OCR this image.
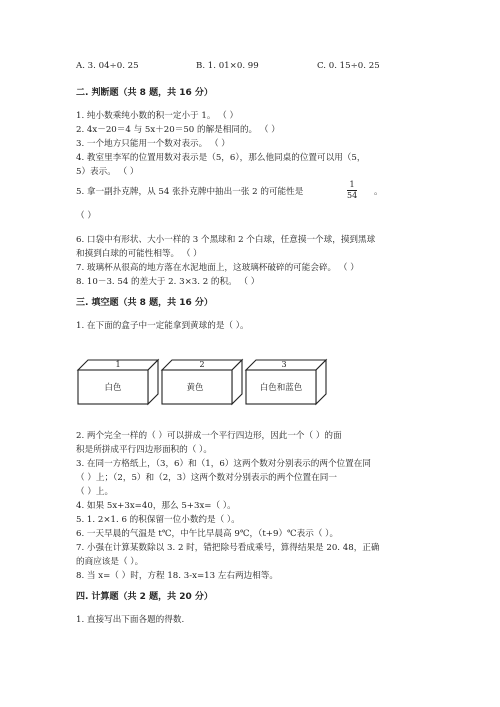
A. 3. 04÷0. 25	B. 1. 01×0. 99	C. 0. 15÷0. 25
二. 判断题（共 8 题，共 16 分）
1. 纯小数乘纯小数的积一定小于 1。 （ ）
2. 4x－20＝4 与 5x＋20＝50 的解是相同的。 （ ）
3. 一个地方只能用一个数对表示。 （ ）
4. 教室里李军的位置用数对表示是（5，6），那么他同桌的位置可以用（5，
5）表示。 （ ）
5. 拿一副扑克牌，从 54 张扑克牌中抽出一张 2 的可能性是	$\frac{1}{54}$ 。
（ ）
6. 口袋中有形状、大小一样的 3 个黑球和 2 个白球，任意摸一个球，摸到黑球
和摸到白球的可能性相等。 （ ）
7. 玻璃杯从很高的地方落在水泥地面上，这玻璃杯破碎的可能会碎。 （ ）
8. 10－3. 54 的差大于 2. 3×3. 2 的积。 （ ）
三. 填空题（共 8 题，共 16 分）
1. 在下面的盒子中一定能拿到黄球的是（ ）。
1
白色
2
黄色
3
白色和蓝色
2. 两个完全一样的（ ）可以拼成一个平行四边形，因此一个（ ）的面
积是所拼成平行四边形面积的（ ）。
3. 在同一方格纸上，（3，6）和（1，6）这两个数对分别表示的两个位置在同
（ ）上；（2，5）和（2，3）这两个数对分别表示的两个位置在同一
（ ）上。
4. 如果 5x+3x=40，那么 5+3x=（ ）。
5. 1. 2×1. 6 的积保留一位小数约是（ ）。
6. 一天早晨的气温是 t℃，中午比早晨高 9℃，（t+9）℃表示（ ）。
7. 小强在计算某数除以 3. 2 时，错把除号看成乘号，算得结果是 20. 48，正确
的商应该是（ ）。
8. 当 x=（ ）时，方程 18. 3-x=13 左右两边相等。
四. 计算题（共 2 题，共 20 分）
1. 直接写出下面各题的得数.
